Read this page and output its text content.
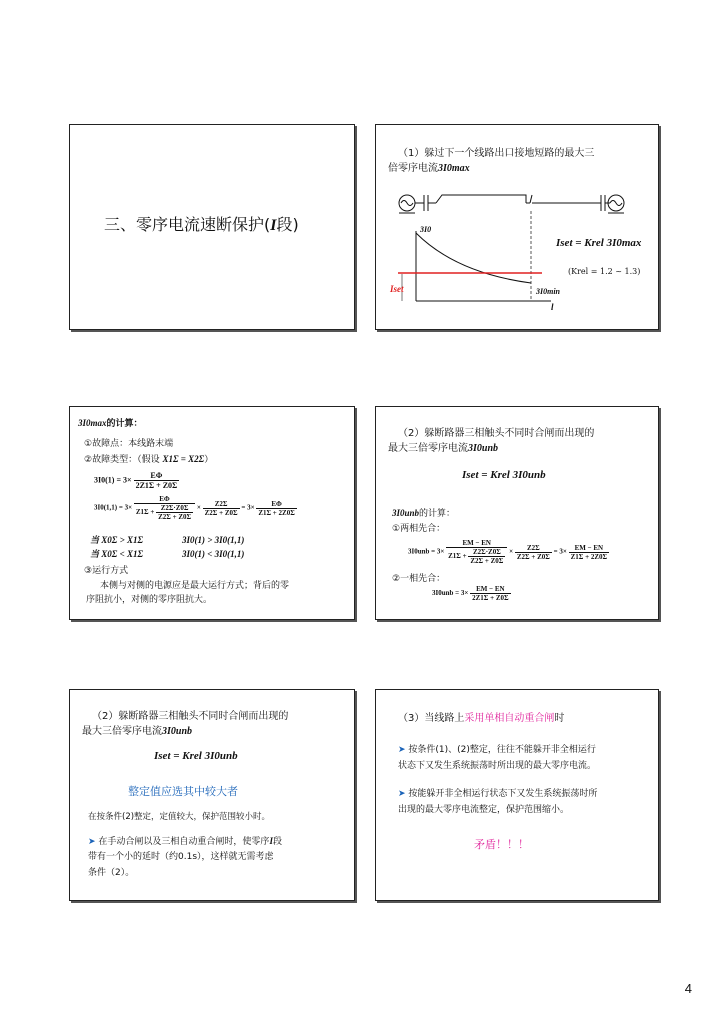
三、零序电流速断保护(I段)
（1）躲过下一个线路出口接地短路的最大三
倍零序电流3I0max
3I0
l
Iset	3I0min
Iset = Krel 3I0max
(Krel = 1.2 ~ 1.3)
3I0max的计算：
①故障点：本线路末端
②故障类型：（假设 X1Σ = X2Σ）
$3I0(1) = 3\times \frac{E\Phi}{2Z1\Sigma + Z0\Sigma}$
$3I0(1,1) = 3\times \frac{E\Phi}{Z1\Sigma + \frac{Z2\Sigma\cdot Z0\Sigma}{Z2\Sigma + Z0\Sigma}} \times \frac{Z2\Sigma}{Z2\Sigma + Z0\Sigma} = 3\times \frac{E\Phi}{Z1\Sigma + 2Z0\Sigma}$
当 X0Σ > X1Σ	3I0(1) > 3I0(1,1)
当 X0Σ < X1Σ	3I0(1) < 3I0(1,1)
③运行方式
本侧与对侧的电源应是最大运行方式；背后的零
序阻抗小，对侧的零序阻抗大。
（2）躲断路器三相触头不同时合闸而出现的
最大三倍零序电流3I0unb
Iset = Krel 3I0unb
3I0unb的计算：
①两相先合：
$3I0unb = 3\times \frac{EM - EN}{Z1\Sigma + \frac{Z2\Sigma\cdot Z0\Sigma}{Z2\Sigma + Z0\Sigma}} \times \frac{Z2\Sigma}{Z2\Sigma + Z0\Sigma} = 3\times \frac{EM - EN}{Z1\Sigma + 2Z0\Sigma}$
②一相先合：
$3I0unb = 3\times \frac{EM - EN}{2Z1\Sigma + Z0\Sigma}$
（2）躲断路器三相触头不同时合闸而出现的
最大三倍零序电流3I0unb
Iset = Krel 3I0unb
整定值应选其中较大者
在按条件(2)整定，定值较大，保护范围较小时。
➤ 在手动合闸以及三相自动重合闸时，使零序I段
带有一个小的延时（约0.1s），这样就无需考虑
条件（2）。
（3）当线路上采用单相自动重合闸时
➤ 按条件(1)、(2)整定，往往不能躲开非全相运行
状态下又发生系统振荡时所出现的最大零序电流。
➤ 按能躲开非全相运行状态下又发生系统振荡时所
出现的最大零序电流整定，保护范围缩小。
矛盾！！！
4
